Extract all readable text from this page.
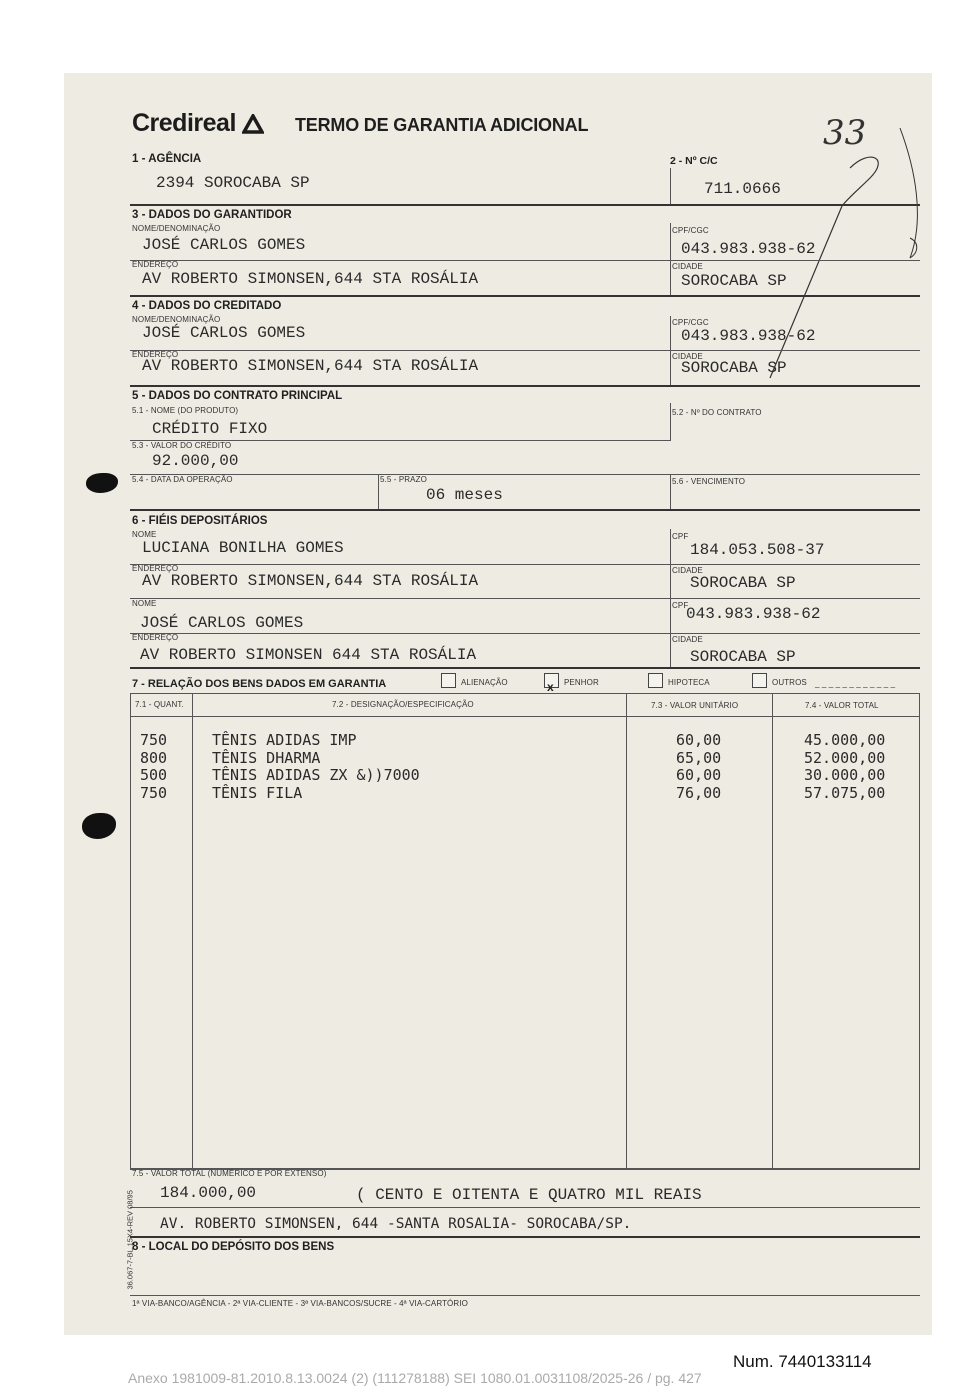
Credireal	TERMO DE GARANTIA ADICIONAL	33
1 - AGÊNCIA
2394 SOROCABA SP
2 - Nº C/C
711.0666
3 - DADOS DO GARANTIDOR
NOME/DENOMINAÇÃO
JOSÉ CARLOS GOMES
CPF/CGC
043.983.938-62
ENDEREÇO
AV ROBERTO SIMONSEN,644 STA ROSÁLIA
CIDADE
SOROCABA SP
4 - DADOS DO CREDITADO
NOME/DENOMINAÇÃO
JOSÉ CARLOS GOMES
CPF/CGC
043.983.938-62
ENDEREÇO
AV ROBERTO SIMONSEN,644 STA ROSÁLIA
CIDADE
SOROCABA SP
5 - DADOS DO CONTRATO PRINCIPAL
5.1 - NOME (DO PRODUTO)
CRÉDITO FIXO
5.2 - Nº DO CONTRATO
5.3 - VALOR DO CRÉDITO
92.000,00
5.4 - DATA DA OPERAÇÃO	5.5 - PRAZO
06 meses
5.6 - VENCIMENTO
6 - FIÉIS DEPOSITÁRIOS
NOME
LUCIANA BONILHA GOMES
CPF
184.053.508-37
ENDEREÇO
AV ROBERTO SIMONSEN,644 STA ROSÁLIA
CIDADE
SOROCABA SP
NOME
JOSÉ CARLOS GOMES
CPF
043.983.938-62
ENDEREÇO
AV ROBERTO SIMONSEN 644 STA ROSÁLIA
CIDADE
SOROCABA SP
7 - RELAÇÃO DOS BENS DADOS EM GARANTIA	ALIENAÇÃO	x PENHOR	HIPOTECA	OUTROS _ _ _ _ _ _ _ _ _ _ _ _
7.1 - QUANT.	7.2 - DESIGNAÇÃO/ESPECIFICAÇÃO	7.3 - VALOR UNITÁRIO	7.4 - VALOR TOTAL
750	TÊNIS ADIDAS IMP	60,00	45.000,00
800	TÊNIS DHARMA	65,00	52.000,00
500	TÊNIS ADIDAS ZX &))7000	60,00	30.000,00
750	TÊNIS FILA	76,00	57.075,00
7.5 - VALOR TOTAL (NUMÉRICO E POR EXTENSO)
184.000,00	( CENTO E OITENTA E QUATRO MIL REAIS
AV. ROBERTO SIMONSEN, 644 -SANTA ROSALIA- SOROCABA/SP.
8 - LOCAL DO DEPÓSITO DOS BENS
36.067-7-BL 15X4-REV 08/95
1ª VIA-BANCO/AGÊNCIA - 2ª VIA-CLIENTE - 3ª VIA-BANCOS/SUCRE - 4ª VIA-CARTÓRIO
Num. 7440133114
Anexo 1981009-81.2010.8.13.0024 (2) (111278188) SEI 1080.01.0031108/2025-26 / pg. 427
